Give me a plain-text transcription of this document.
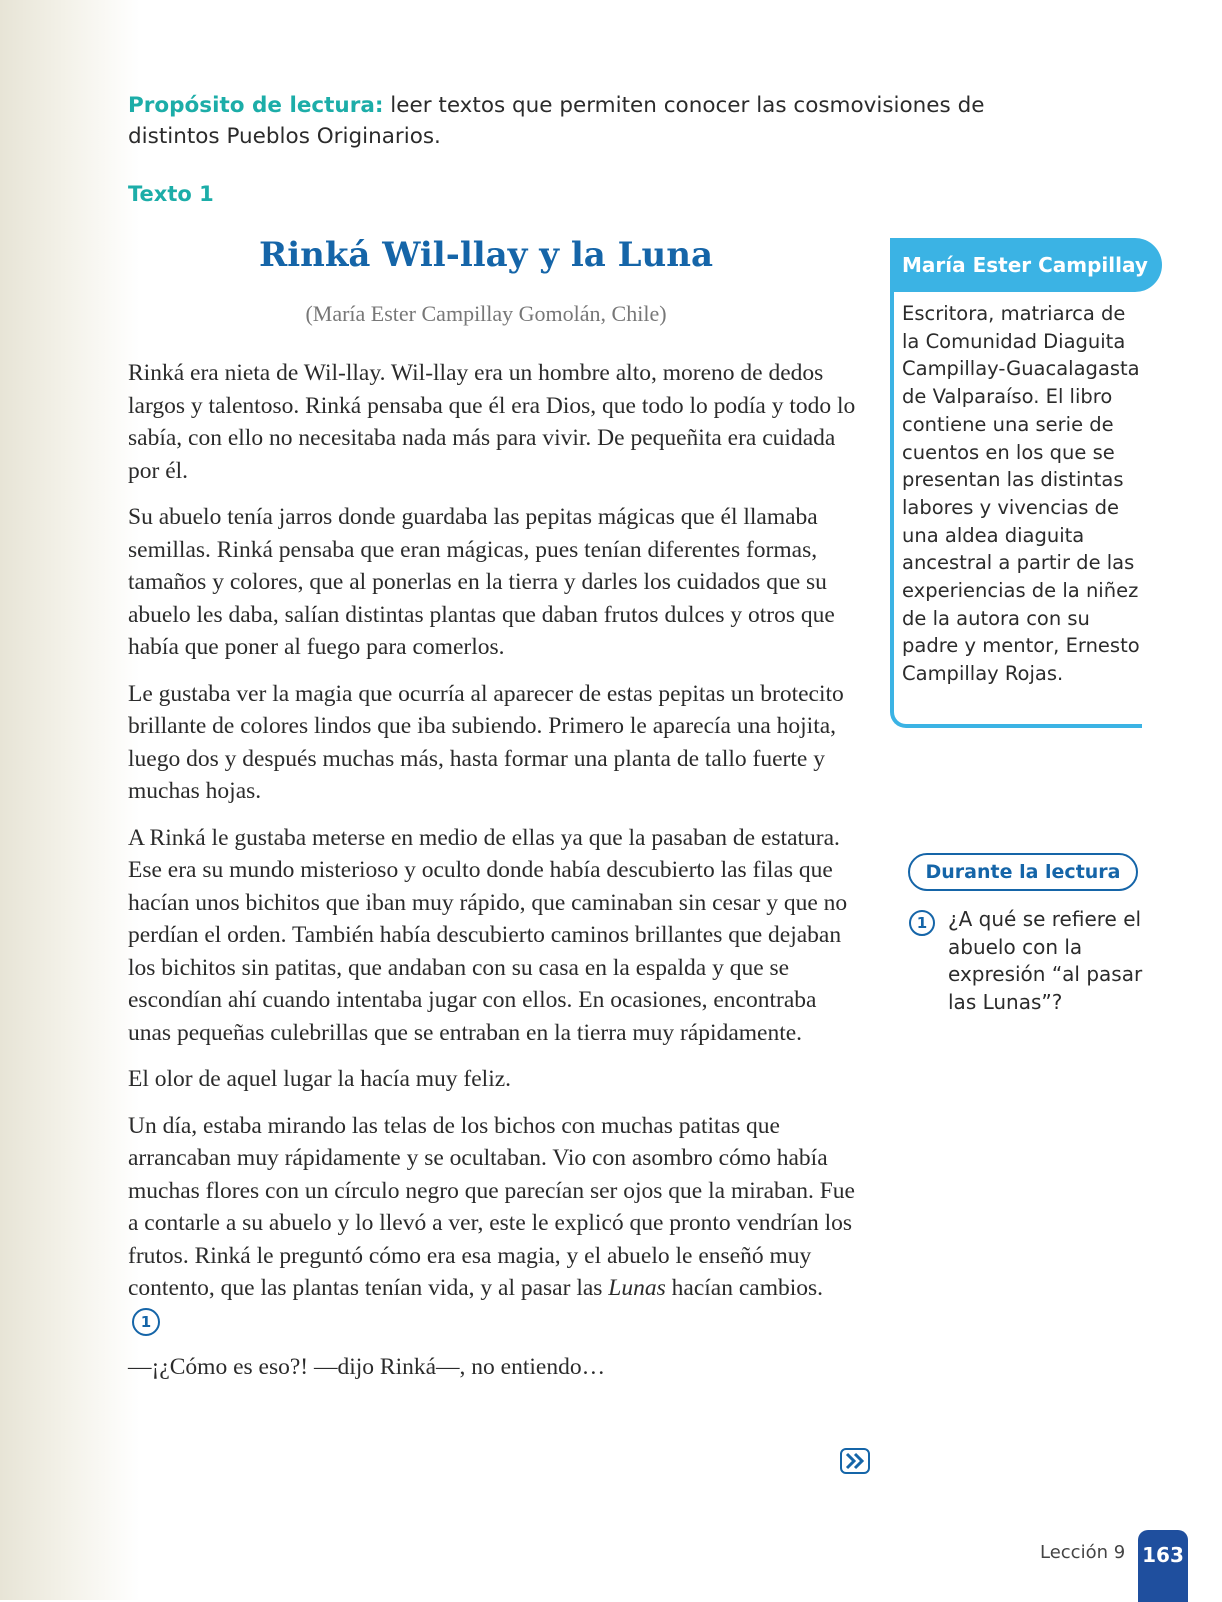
Propósito de lectura: leer textos que permiten conocer las cosmovisiones de distintos Pueblos Originarios.
Texto 1
Rinká Wil-llay y la Luna
(María Ester Campillay Gomolán, Chile)

Rinká era nieta de Wil-llay. Wil-llay era un hombre alto, moreno de dedos largos y talentoso. Rinká pensaba que él era Dios, que todo lo podía y todo lo sabía, con ello no necesitaba nada más para vivir. De pequeñita era cuidada por él.

Su abuelo tenía jarros donde guardaba las pepitas mágicas que él llamaba semillas. Rinká pensaba que eran mágicas, pues tenían diferentes formas, tamaños y colores, que al ponerlas en la tierra y darles los cuidados que su abuelo les daba, salían distintas plantas que daban frutos dulces y otros que había que poner al fuego para comerlos.

Le gustaba ver la magia que ocurría al aparecer de estas pepitas un brotecito brillante de colores lindos que iba subiendo. Primero le aparecía una hojita, luego dos y después muchas más, hasta formar una planta de tallo fuerte y muchas hojas.

A Rinká le gustaba meterse en medio de ellas ya que la pasaban de estatura. Ese era su mundo misterioso y oculto donde había descubierto las filas que hacían unos bichitos que iban muy rápido, que caminaban sin cesar y que no perdían el orden. También había descubierto caminos brillantes que dejaban los bichitos sin patitas, que andaban con su casa en la espalda y que se escondían ahí cuando intentaba jugar con ellos. En ocasiones, encontraba unas pequeñas culebrillas que se entraban en la tierra muy rápidamente.

El olor de aquel lugar la hacía muy feliz.

Un día, estaba mirando las telas de los bichos con muchas patitas que arrancaban muy rápidamente y se ocultaban. Vio con asombro cómo había muchas flores con un círculo negro que parecían ser ojos que la miraban. Fue a contarle a su abuelo y lo llevó a ver, este le explicó que pronto vendrían los frutos. Rinká le preguntó cómo era esa magia, y el abuelo le enseñó muy contento, que las plantas tenían vida, y al pasar las Lunas hacían cambios. 1

—¡¿Cómo es eso?! —dijo Rinká—, no entiendo…

María Ester Campillay
Escritora, matriarca de la Comunidad Diaguita Campillay-Guacalagasta de Valparaíso. El libro contiene una serie de cuentos en los que se presentan las distintas labores y vivencias de una aldea diaguita ancestral a partir de las experiencias de la niñez de la autora con su padre y mentor, Ernesto Campillay Rojas.
Durante la lectura
1	¿A qué se refiere el abuelo con la expresión “al pasar las Lunas”?
Lección 9 163
